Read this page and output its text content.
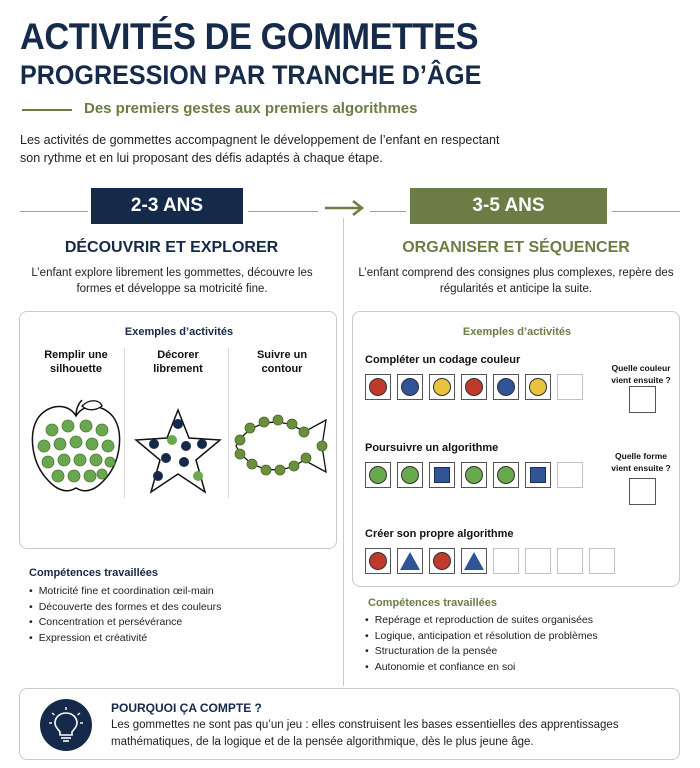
ACTIVITÉS DE GOMMETTES
PROGRESSION PAR TRANCHE D’ÂGE
Des premiers gestes aux premiers algorithmes
Les activités de gommettes accompagnent le développement de l’enfant en respectant son rythme et en lui proposant des défis adaptés à chaque étape.
2-3 ANS	3-5 ANS
DÉCOUVRIR ET EXPLORER	ORGANISER ET SÉQUENCER
L’enfant explore librement les gommettes, découvre les formes et développe sa motricité fine.
L’enfant comprend des consignes plus complexes, repère des régularités et anticipe la suite.
Exemples d’activités
Remplir une silhouette
Décorer librement
Suivre un contour
Exemples d’activités
Compléter un codage couleur
Quelle couleur vient ensuite ?
Poursuivre un algorithme
Quelle forme vient ensuite ?
Créer son propre algorithme
Compétences travaillées
• Motricité fine et coordination œil-main
• Découverte des formes et des couleurs
• Concentration et persévérance
• Expression et créativité
Compétences travaillées
• Repérage et reproduction de suites organisées
• Logique, anticipation et résolution de problèmes
• Structuration de la pensée
• Autonomie et confiance en soi
POURQUOI ÇA COMPTE ?
Les gommettes ne sont pas qu’un jeu : elles construisent les bases essentielles des apprentissages mathématiques, de la logique et de la pensée algorithmique, dès le plus jeune âge.
